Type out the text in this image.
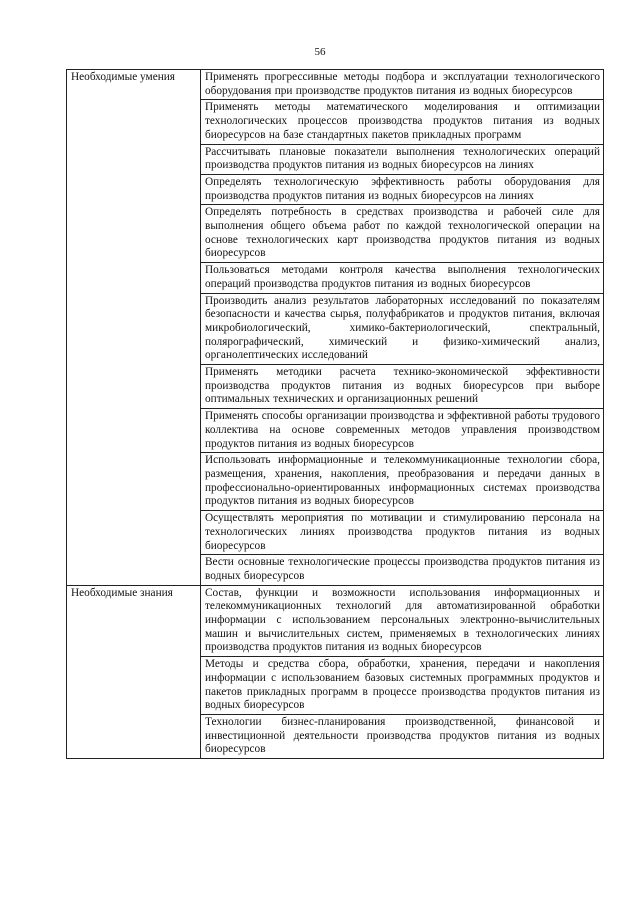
56
Необходимые умения	Применять прогрессивные методы подбора и эксплуатации технологического оборудования при производстве продуктов питания из водных биоресурсов
	Применять методы математического моделирования и оптимизации технологических процессов производства продуктов питания из водных биоресурсов на базе стандартных пакетов прикладных программ
	Рассчитывать плановые показатели выполнения технологических операций производства продуктов питания из водных биоресурсов на линиях
	Определять технологическую эффективность работы оборудования для производства продуктов питания из водных биоресурсов на линиях
	Определять потребность в средствах производства и рабочей силе для выполнения общего объема работ по каждой технологической операции на основе технологических карт производства продуктов питания из водных биоресурсов
	Пользоваться методами контроля качества выполнения технологических операций производства продуктов питания из водных биоресурсов
	Производить анализ результатов лабораторных исследований по показателям безопасности и качества сырья, полуфабрикатов и продуктов питания, включая микробиологический, химико-бактериологический, спектральный, полярографический, химический и физико-химический анализ, органолептических исследований
	Применять методики расчета технико-экономической эффективности производства продуктов питания из водных биоресурсов при выборе оптимальных технических и организационных решений
	Применять способы организации производства и эффективной работы трудового коллектива на основе современных методов управления производством продуктов питания из водных биоресурсов
	Использовать информационные и телекоммуникационные технологии сбора, размещения, хранения, накопления, преобразования и передачи данных в профессионально-ориентированных информационных системах производства продуктов питания из водных биоресурсов
	Осуществлять мероприятия по мотивации и стимулированию персонала на технологических линиях производства продуктов питания из водных биоресурсов
	Вести основные технологические процессы производства продуктов питания из водных биоресурсов
Необходимые знания	Состав, функции и возможности использования информационных и телекоммуникационных технологий для автоматизированной обработки информации с использованием персональных электронно-вычислительных машин и вычислительных систем, применяемых в технологических линиях производства продуктов питания из водных биоресурсов
	Методы и средства сбора, обработки, хранения, передачи и накопления информации с использованием базовых системных программных продуктов и пакетов прикладных программ в процессе производства продуктов питания из водных биоресурсов
	Технологии бизнес-планирования производственной, финансовой и инвестиционной деятельности производства продуктов питания из водных биоресурсов
